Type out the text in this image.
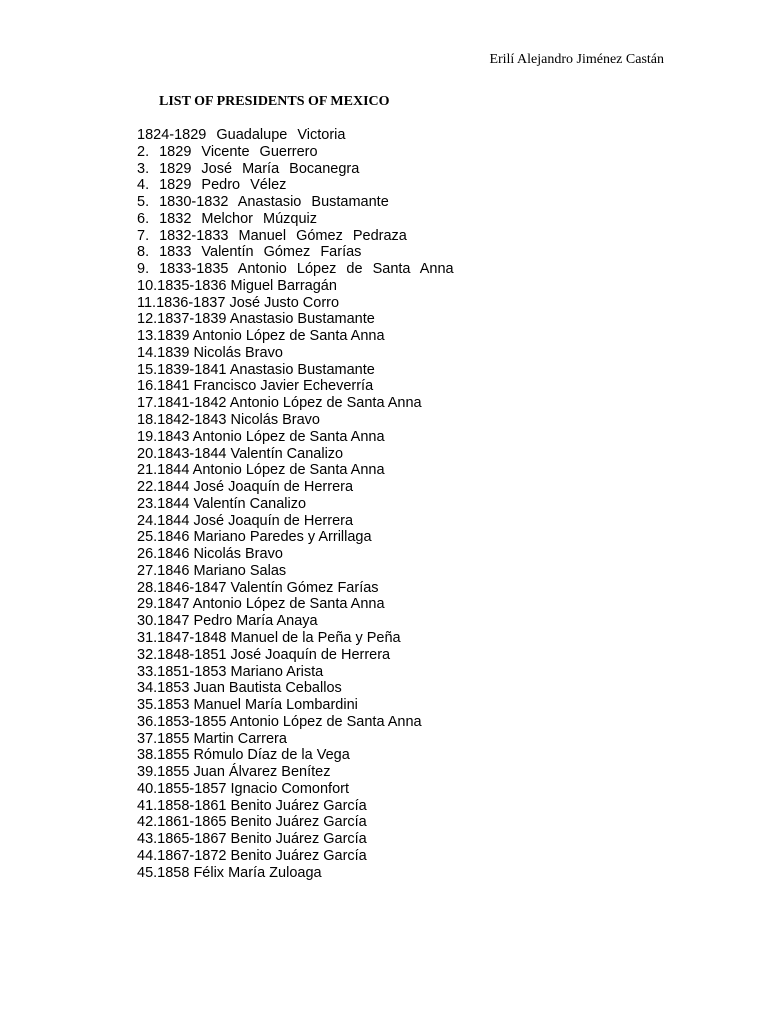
Erilí Alejandro Jiménez Castán
LIST OF PRESIDENTS OF MEXICO
1824-1829 Guadalupe Victoria
2. 1829 Vicente Guerrero
3. 1829 José María Bocanegra
4. 1829 Pedro Vélez
5. 1830-1832 Anastasio Bustamante
6. 1832 Melchor Múzquiz
7. 1832-1833 Manuel Gómez Pedraza
8. 1833 Valentín Gómez Farías
9. 1833-1835 Antonio López de Santa Anna
10.1835-1836 Miguel Barragán
11.1836-1837 José Justo Corro
12.1837-1839 Anastasio Bustamante
13.1839 Antonio López de Santa Anna
14.1839 Nicolás Bravo
15.1839-1841 Anastasio Bustamante
16.1841 Francisco Javier Echeverría
17.1841-1842 Antonio López de Santa Anna
18.1842-1843 Nicolás Bravo
19.1843 Antonio López de Santa Anna
20.1843-1844 Valentín Canalizo
21.1844 Antonio López de Santa Anna
22.1844 José Joaquín de Herrera
23.1844 Valentín Canalizo
24.1844 José Joaquín de Herrera
25.1846 Mariano Paredes y Arrillaga
26.1846 Nicolás Bravo
27.1846 Mariano Salas
28.1846-1847 Valentín Gómez Farías
29.1847 Antonio López de Santa Anna
30.1847 Pedro María Anaya
31.1847-1848 Manuel de la Peña y Peña
32.1848-1851 José Joaquín de Herrera
33.1851-1853 Mariano Arista
34.1853 Juan Bautista Ceballos
35.1853 Manuel María Lombardini
36.1853-1855 Antonio López de Santa Anna
37.1855 Martin Carrera
38.1855 Rómulo Díaz de la Vega
39.1855 Juan Álvarez Benítez
40.1855-1857 Ignacio Comonfort
41.1858-1861 Benito Juárez García
42.1861-1865 Benito Juárez García
43.1865-1867 Benito Juárez García
44.1867-1872 Benito Juárez García
45.1858 Félix María Zuloaga
